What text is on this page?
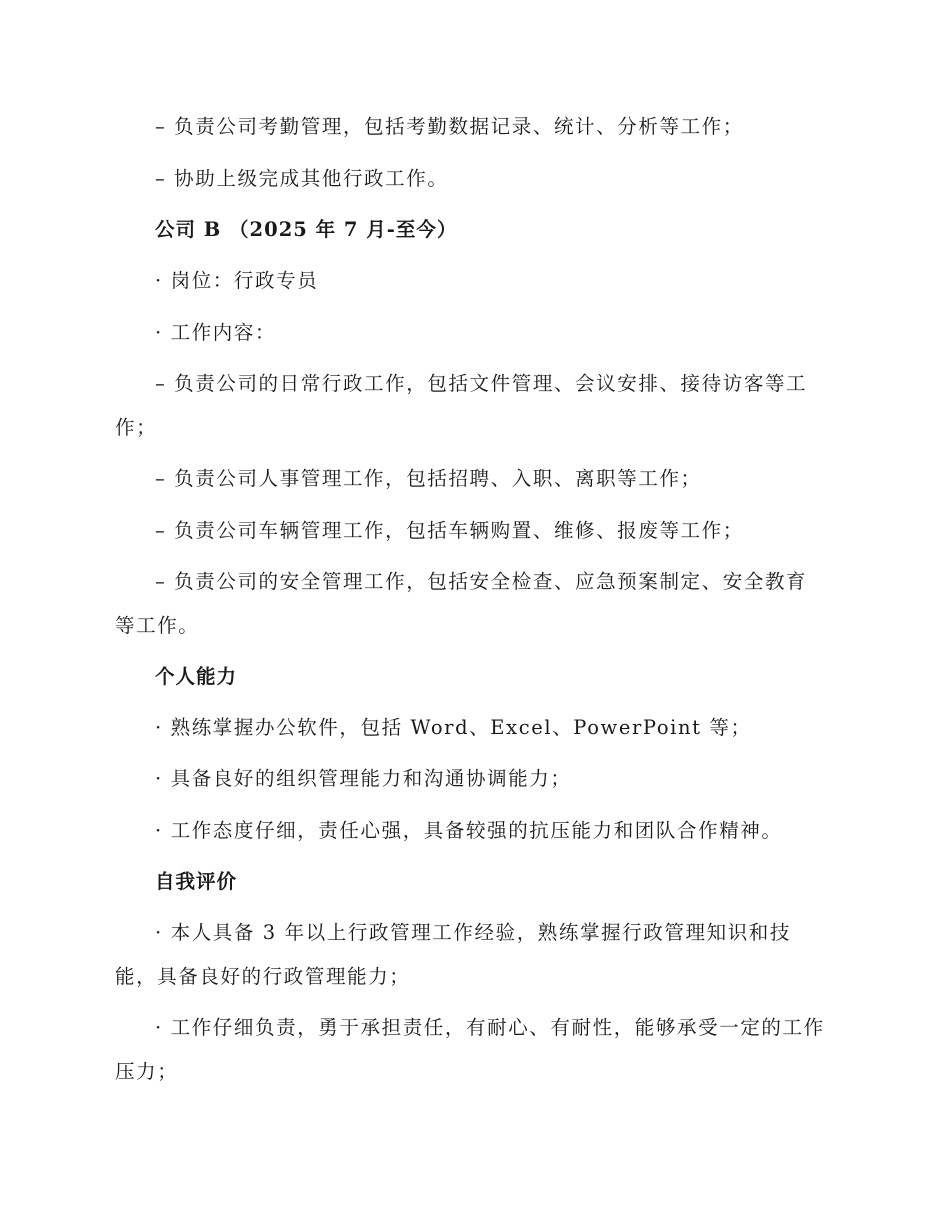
– 负责公司考勤管理，包括考勤数据记录、统计、分析等工作；
– 协助上级完成其他行政工作。
公司 B （2025 年 7 月-至今）
· 岗位：行政专员
· 工作内容：
– 负责公司的日常行政工作，包括文件管理、会议安排、接待访客等工作；
– 负责公司人事管理工作，包括招聘、入职、离职等工作；
– 负责公司车辆管理工作，包括车辆购置、维修、报废等工作；
– 负责公司的安全管理工作，包括安全检查、应急预案制定、安全教育等工作。
个人能力
· 熟练掌握办公软件，包括 Word、Excel、PowerPoint 等；
· 具备良好的组织管理能力和沟通协调能力；
· 工作态度仔细，责任心强，具备较强的抗压能力和团队合作精神。
自我评价
· 本人具备 3 年以上行政管理工作经验，熟练掌握行政管理知识和技能，具备良好的行政管理能力；
· 工作仔细负责，勇于承担责任，有耐心、有耐性，能够承受一定的工作压力；
